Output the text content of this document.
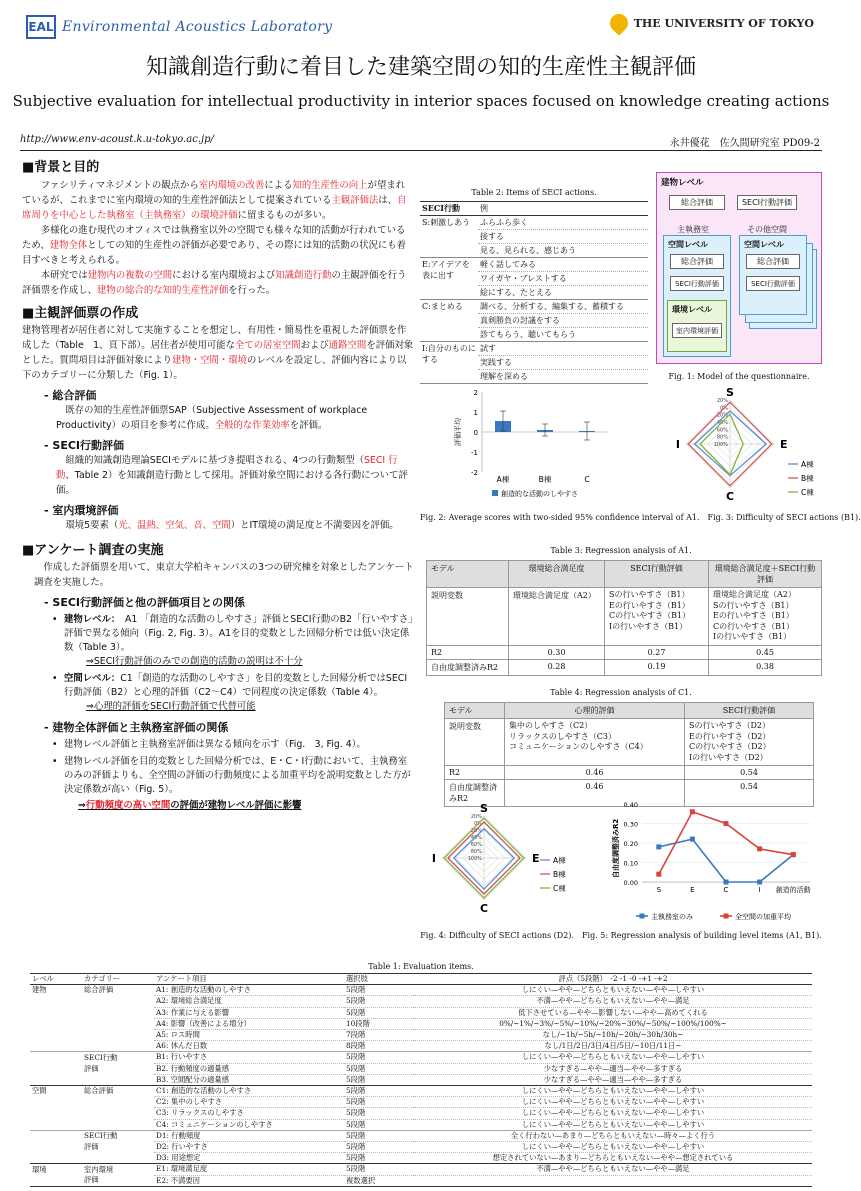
EAL Environmental Acoustics Laboratory	THE UNIVERSITY OF TOKYO
知識創造行動に着目した建築空間の知的生産性主観評価
Subjective evaluation for intellectual productivity in interior spaces focused on knowledge creating actions
http://www.env-acoust.k.u-tokyo.ac.jp/	永井優花　佐久間研究室 PD09-2
■背景と目的
ファシリティマネジメントの観点から室内環境の改善による知的生産性の向上が望まれているが、これまでに室内環境の知的生産性評価法として提案されている主観評価法は、自席周りを中心とした執務室（主執務室）の環境評価に留まるものが多い。
多様化の進む現代のオフィスでは執務室以外の空間でも様々な知的活動が行われているため、建物全体としての知的生産性の評価が必要であり、その際には知的活動の状況にも着目すべきと考えられる。
本研究では建物内の複数の空間における室内環境および知識創造行動の主観評価を行う評価票を作成し、建物の総合的な知的生産性評価を行った。
■主観評価票の作成
建物管理者が居住者に対して実施することを想定し、有用性・簡易性を重視した評価票を作成した（Table　1、頁下部）。居住者が使用可能な全ての居室空間および通路空間を評価対象とした。質問項目は評価対象により建物・空間・環境のレベルを設定し、評価内容により以下のカテゴリーに分類した（Fig. 1）。
- 総合評価
既存の知的生産性評価票SAP（Subjective Assessment of workplace Productivity）の項目を参考に作成。全般的な作業効率を評価。
- SECI行動評価
組織的知識創造理論SECIモデルに基づき提唱される、4つの行動類型（SECI 行動、Table 2）を知識創造行動として採用。評価対象空間における各行動について評価。
- 室内環境評価
環境5要素（光、温熱、空気、音、空間）とIT環境の満足度と不満要因を評価。
■アンケート調査の実施
作成した評価票を用いて、東京大学柏キャンパスの3つの研究棟を対象としたアンケート調査を実施した。
- SECI行動評価と他の評価項目との関係
• 建物レベル：　A1 「創造的な活動のしやすさ」評価とSECI行動のB2「行いやすさ」評価で異なる傾向（Fig. 2, Fig. 3）。A1を目的変数とした回帰分析では低い決定係数（Table 3）。
⇒SECI行動評価のみでの創造的活動の説明は不十分
• 空間レベル：C1「創造的な活動のしやすさ」を目的変数とした回帰分析ではSECI行動評価（B2）と心理的評価（C2〜C4）で同程度の決定係数（Table 4）。
⇒心理的評価をSECI行動評価で代替可能
- 建物全体評価と主執務室評価の関係
• 建物レベル評価と主執務室評価は異なる傾向を示す（Fig.　3, Fig. 4）。
• 建物レベル評価を目的変数とした回帰分析では、E・C・I行動において、主執務室のみの評価よりも、全空間の評価の行動頻度による加重平均を説明変数とした方が決定係数が高い（Fig. 5）。
⇒行動頻度の高い空間の評価が建物レベル評価に影響
Table 2: Items of SECI actions.
SECI行動	例
S:刺激しあう	ふらふら歩く
	接する
	見る、見られる、感じあう
E:アイデアを表に出す	軽く話してみる
	ワイガヤ・ブレストする
	絵にする、たとえる
C:まとめる	調べる、分析する、編集する、蓄積する
	真剣勝負の討議をする
	診てもらう、聴いてもらう
I:自分のものにする	試す
	実践する
	理解を深める
建物レベル
総合評価	SECI行動評価
主執務室	その他空間
空間レベル
総合評価
SECI行動評価
環境レベル
室内環境評価
空間レベル
総合評価
SECI行動評価
Fig. 1: Model of the questionnaire.
-2
-1
0
1
2
評価平均
A棟	B棟	C
創造的な活動のしやすさ
20%
0%
20%
40%
60%
80%
100%
S
E
C
I
A棟
B棟
C棟
Fig. 2: Average scores with two-sided 95% confidence interval of A1.　 Fig. 3: Difficulty of SECI actions (B1).
Table 3: Regression analysis of A1.
モデル	環境総合満足度	SECI行動評価	環境総合満足度＋SECI行動評価
説明変数	環境総合満足度（A2）	Sの行いやすさ（B1）
Eの行いやすさ（B1）
Cの行いやすさ（B1）
Iの行いやすさ（B1）	環境総合満足度（A2）
Sの行いやすさ（B1）
Eの行いやすさ（B1）
Cの行いやすさ（B1）
Iの行いやすさ（B1）
R2	0.30	0.27	0.45
自由度調整済みR2	0.28	0.19	0.38
Table 4: Regression analysis of C1.
モデル	心理的評価	SECI行動評価
説明変数	集中のしやすさ（C2）
リラックスのしやすさ（C3）
コミュニケーションのしやすさ（C4）	Sの行いやすさ（D2）
Eの行いやすさ（D2）
Cの行いやすさ（D2）
Iの行いやすさ（D2）
R2	0.46	0.54
自由度調整済みR2	0.46	0.54
20%
0%
20%
40%
60%
80%
100%
S
E
C
I	A棟
B棟
C棟
0.00
0.10
0.20
0.30
0.40
自由度調整済みR2
S	E	C	I 創造的活動
主執務室のみ	全空間の加重平均
Fig. 4: Difficulty of SECI actions (D2).　 Fig. 5: Regression analysis of building level items (A1, B1).
Table 1: Evaluation items.
レベル	カテゴリー	アンケート項目	選択肢	評点（5段階）　-2 ‐1 ‐0 ‐+1 ‐+2
建物	総合評価	A1: 創造的な活動のしやすさ	5段階	しにくい—やや—どちらともいえない—やや—しやすい
		A2: 環境総合満足度	5段階	不満—やや—どちらともいえない—やや—満足
		A3: 作業に与える影響	5段階	低下させている—やや—影響しない—やや—高めてくれる
		A4: 影響（改善による増分）	10段階	0%/~1%/~3%/~5%/~10%/~20%~30%/~50%/~100%/100%~
		A5: ロス時間	7段階	なし/~1h/~5h/~10h/~20h/~30h/30h~
		A6: 休んだ日数	8段階	なし/1日/2日/3日/4日/5日/~10日/11日~
	SECI行動	B1: 行いやすさ	5段階	しにくい—やや—どちらともいえない—やや—しやすい
	評価	B2. 行動頻度の適量感	5段階	少なすぎる—やや—適当—やや—多すぎる
		B3. 空間配分の適量感	5段階	少なすぎる—やや—適当—やや—多すぎる
空間	総合評価	C1: 創造的な活動のしやすさ	5段階	しにくい—やや—どちらともいえない—やや—しやすい
		C2: 集中のしやすさ	5段階	しにくい—やや—どちらともいえない—やや—しやすい
		C3: リラックスのしやすさ	5段階	しにくい—やや—どちらともいえない—やや—しやすい
		C4: コミュニケーションのしやすさ	5段階	しにくい—やや—どちらともいえない—やや—しやすい
	SECI行動	D1: 行動頻度	5段階	全く行わない—あまり—どちらともいえない—時々—よく行う
	評価	D2: 行いやすさ	5段階	しにくい—やや—どちらともいえない—やや—しやすい
		D3: 用途想定	5段階	想定されていない—あまり—どちらともいえない—やや—想定されている
環境	室内環境	E1: 環境満足度	5段階	不満—やや—どちらともいえない—やや—満足
	評価	E2: 不満要因	複数選択	
